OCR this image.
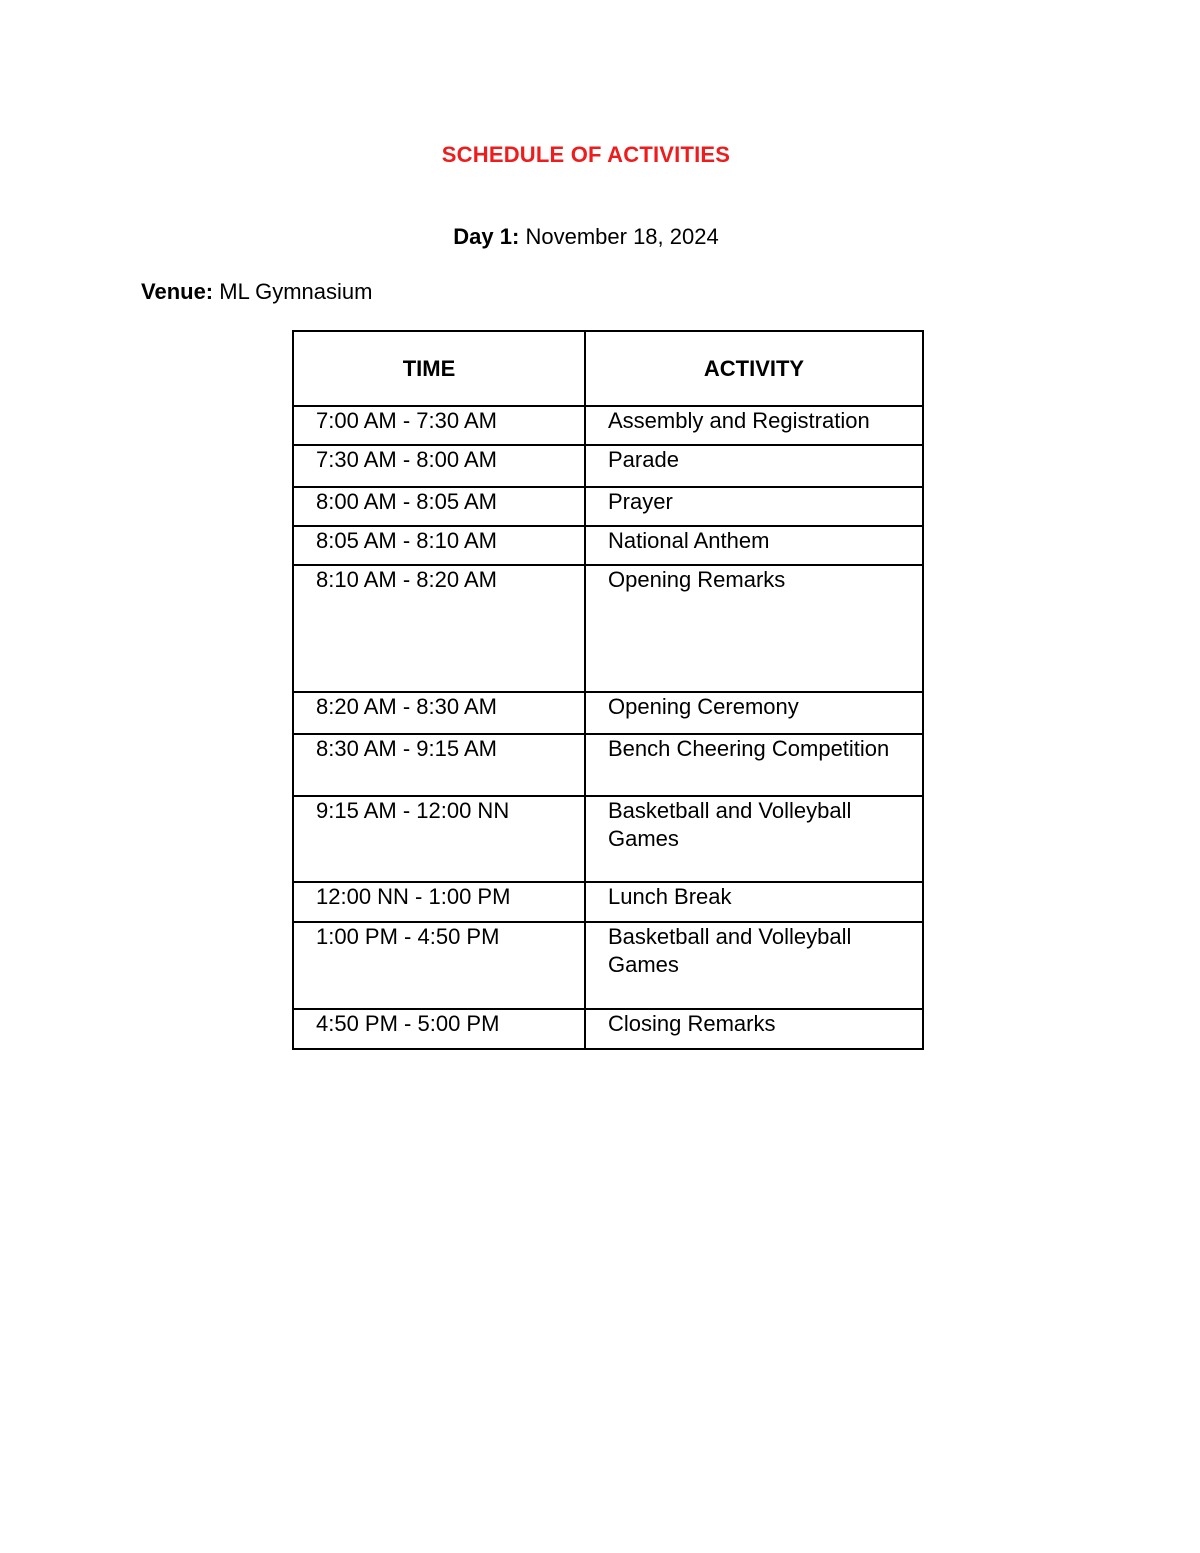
SCHEDULE OF ACTIVITIES
Day 1: November 18, 2024
Venue: ML Gymnasium
TIME	ACTIVITY
7:00 AM - 7:30 AM	Assembly and Registration
7:30 AM - 8:00 AM	Parade
8:00 AM - 8:05 AM	Prayer
8:05 AM - 8:10 AM	National Anthem
8:10 AM - 8:20 AM	Opening Remarks
8:20 AM - 8:30 AM	Opening Ceremony
8:30 AM - 9:15 AM	Bench Cheering Competition
9:15 AM - 12:00 NN	Basketball and Volleyball Games
12:00 NN - 1:00 PM	Lunch Break
1:00 PM - 4:50 PM	Basketball and Volleyball Games
4:50 PM - 5:00 PM	Closing Remarks
